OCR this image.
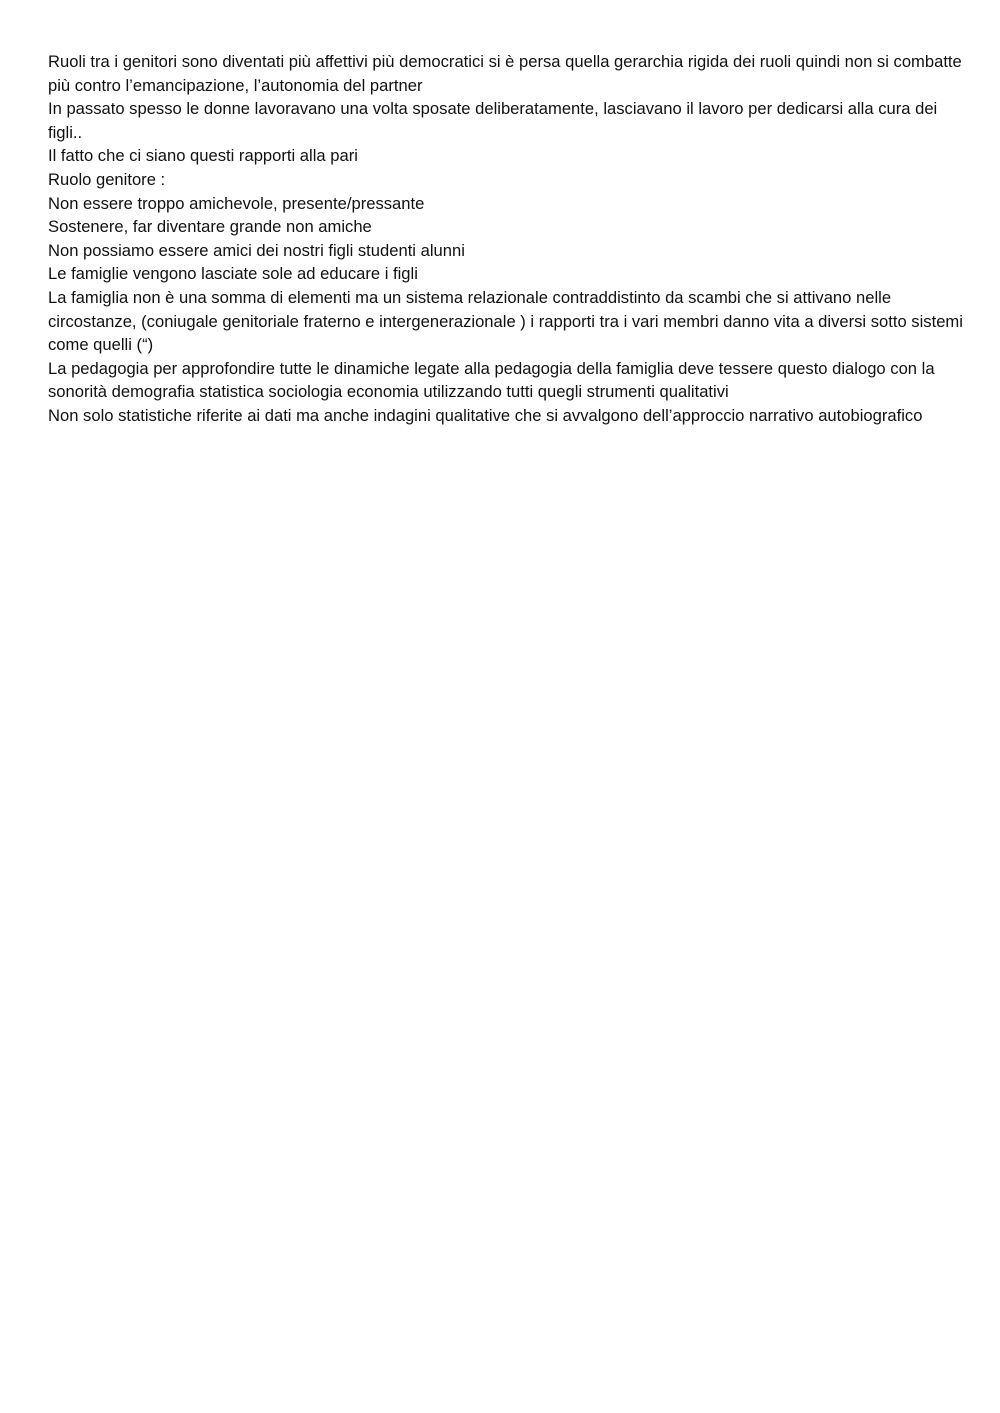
Ruoli tra i genitori sono diventati più affettivi più democratici si è persa quella gerarchia rigida dei ruoli quindi non si combatte più contro l’emancipazione, l’autonomia del partner

In passato spesso le donne lavoravano una volta sposate deliberatamente, lasciavano il lavoro per dedicarsi alla cura dei figli..

Il fatto che ci siano questi rapporti alla pari

Ruolo genitore :

Non essere troppo amichevole, presente/pressante

Sostenere, far diventare grande non amiche

Non possiamo essere amici dei nostri figli studenti alunni

Le famiglie vengono lasciate sole ad educare i figli

La famiglia non è una somma di elementi ma un sistema relazionale contraddistinto da scambi che si attivano nelle circostanze, (coniugale genitoriale fraterno e intergenerazionale ) i rapporti tra i vari membri danno vita a diversi sotto sistemi come quelli (“)

La pedagogia per approfondire tutte le dinamiche legate alla pedagogia della famiglia deve tessere questo dialogo con la sonorità demografia statistica sociologia economia utilizzando tutti quegli strumenti qualitativi

Non solo statistiche riferite ai dati ma anche indagini qualitative che si avvalgono dell’approccio narrativo autobiografico
